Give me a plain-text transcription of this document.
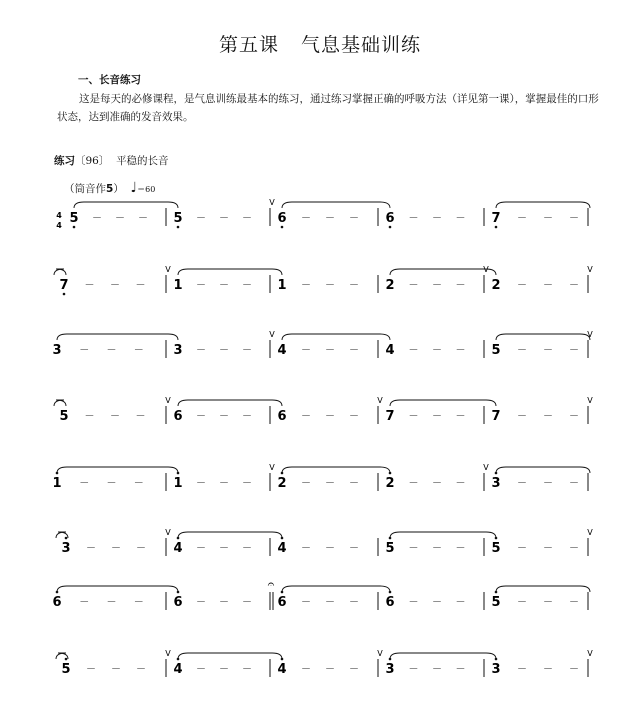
第五课 气息基础训练
一、长音练习
这是每天的必修课程，是气息训练最基本的练习，通过练习掌握正确的呼吸方法（详见第一课），掌握最佳的口形状态，达到准确的发音效果。
练习〔96〕 平稳的长音
（筒音作5） ♩＝60
4
4 5 － － － 5 － － － 6 － － － 6 － － － 7 － － －
V
7 － － － 1 － － － 1 － － － 2 － － － 2 － － －
V	V	V
3 － － － 3 － － － 4 － － － 4 － － － 5 － － －
V	V
5 － － － 6 － － － 6 － － － 7 － － － 7 － － －
V	V	V
1 － － － 1 － － － 2 － － － 2 － － － 3 － － －
V	V
3 － － － 4 － － － 4 － － － 5 － － － 5 － － －
V	V
6 － － － 6 － － － 6 － － － 6 － － － 5 － － －
𝄐
5 － － － 4 － － － 4 － － － 3 － － － 3 － － －
V	V	V
